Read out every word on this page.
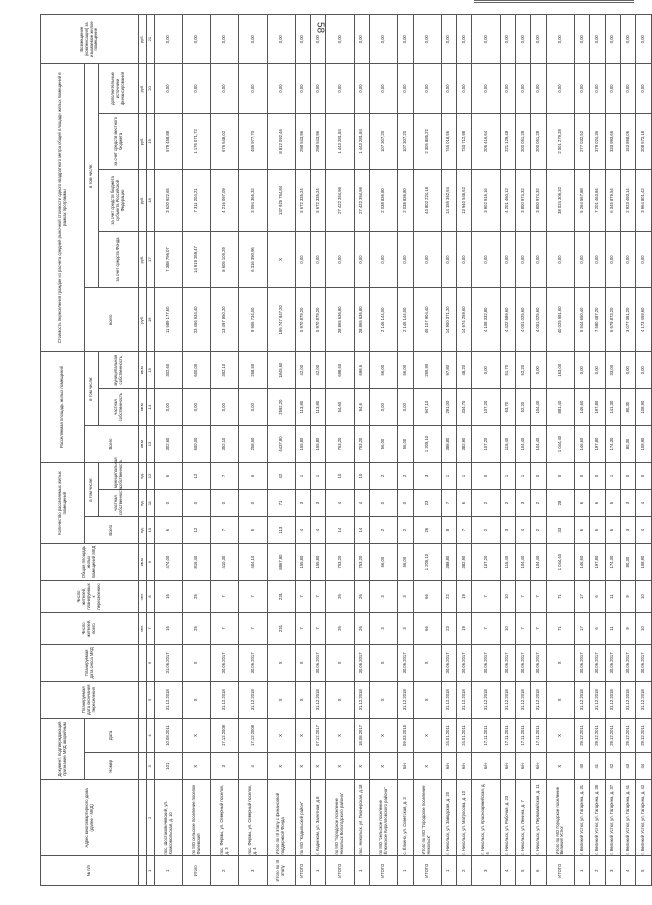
58
№ п/п	Адрес многоквартирного дома (далее - МКД)	Документ, подтверждающий признание МКД аварийным		Планируемая дата окончания переселения	Планируемая дата сноса МКД	Число жителей, всего	Число жителей, планируемых к переселению	Общая площадь жилых помещений МКД	Количество расселяемых жилых помещений			Расселяемая площадь жилых помещений			Стоимость переселения граждан из расчета средней рыночной стоимости одного квадратного метра общей площади жилых помещений в рамках программы					Возмещение (компенсация) за изымаемое жилое помещение
		Номер	Дата						Всего	в том числе:		Всего	в том числе:		всего	в том числе:				
										частная собственность	муниципальная собственность		частная собственность	муниципальная собственность		за счет средств Фонда	за счет средств бюджета субъекта Российской Федерации	за счет средств местного бюджета	дополнительные источники финансирования	
						чел.	чел.	кв.м	ед.	ед.	ед.	кв.м	кв.м	кв.м	руб.	руб.	руб.	руб.	руб.	руб.
1	2	3	4	5	6	7	8	9	10	11	12	13	14	15	16	17	18	19	20	21
1	пос. Шостаковичевский, ул. Комсомольская, д. 10	101	10.08.2011	31.12.2018	31.06.2017	16	16	474,00	6	0	6	302,60	0,00	302,60	11 589 177,60	7 388 796,07	3 620 922,65	579 458,88	0,00	0,00
Итого	по МО сельское поселение поселок Фалевский	X	X	X	X	25	25	816,40	12	0	12	600,00	0,00	600,00	23 456 634,40	14 919 269,47	7 311 204,21	1 176 071,72	0,00	0,00
2	пос. Фермы, ул. Северный поселок, д. 3	3	17.12.2008	31.12.2018	30.06.2017	7	7	410,30	7	0	7	352,10	0,00	352,10	13 497 850,20	8 605 105,29	4 216 097,09	676 648,02	0,00	0,00
3	пос. Фермы, ул. Северный поселок, д. 4	4	17.12.2008	31.12.2018	30.06.2017	7	7	404,10	5	0	5	258,50	0,00	258,50	9 906 734,00	6 316 390,96	3 094 366,32	495 977,70	0,00	0,00
Итого по III этапу	Итого по III этапу с финансовой поддержкой Фонда	X	X	X	X	231	231	8867,80	113	71	42	4437,80	2592,20	1845,60	186 747 847,20	X	137 925 754,84	8 812 092,46	0,00	0,00
ИТОГО	по МО "Кадыльский район"	X	X	X	X	7	7	155,80	4	3	1	155,80	113,80	42,00	5 970 879,20	0,00	5 672 335,24	298 543,96	0,00	0,00
1	г. Кадником, ул. Залетная, д.8	X	07.12.2017	31.12.2018	30.06.2017	7	7	155,80	4	3	1	155,80	113,80	42,00	5 970 879,20	0,00	5 672 335,24	298 543,96	0,00	0,00
ИТОГО	по МО "городское поселение Никольск Вологодского района"	X	X	X	X	26	26	753,20	14	4	10	753,20	54,60	698,60	28 865 636,80	0,00	27 422 354,96	1 443 281,84	0,00	0,00
1	пос. Никольск, ул. Пионерская, д.18	X	18.08.2017	31.12.2018	30.06.2017	26	26	753,20	14	4	10	753,20	54,6	698,6	28 865 636,80	0,00	27 422 354,96	1 443 281,84	0,00	0,00
ИТОГО	по МО "сельское поселение Ёлкинское Кирилловского района"	X	X	X	X	3	3	56,00	2	0	2	56,00	0,00	56,00	2 146 144,00	0,00	2 038 836,80	107 307,20	0,00	0,00
1	с. Ёлкино, ул. Советская, д. 3	6/н	09.03.2015	31.12.2018	30.06.2017	3	3	56,00	2	0	2	56,00	0,00	56,00	2 146 144,00	0,00	2 038 836,80	107 307,20	0,00	0,00
ИТОГО	Итого по МО "Городское поселение Никольск"	X	X	X	X	66	66	1 205,10	26	23	3	1 205,10	947,10	255,90	46 107 904,40	0,00	43 802 224,18	2 305 885,22	0,00	0,00
1	г. Никольск, ул. Заводская, д. 20	6/н	24.01.2011	31.12.2018	30.06.2017	23	22	388,80	8	7	1	388,80	291,00	97,80	14 900 371,20	0,00	14 155 352,64	745 018,56	0,00	0,00
2	г. Никольск, ул. Матросова, д. 10	6/н	24.01.2011	31.12.2018	30.06.2017	19	19	382,90	7	6	1	382,90	334,70	48,20	14 674 259,60	0,00	13 940 546,62	733 712,98	0,00	0,00
3	г. Никольск, ул. Красноармейская, д. 5	6/н	17.11.2011	31.12.2018	30.06.2017	7	7	107,20	2	2	0	107,20	107,20	0,00	4 108 332,80	0,00	3 902 916,16	205 416,64	0,00	0,00
4	г. Никольск, ул. Рабочая, д. 23	6/н	17.11.2011	31.12.2018	30.06.2017	10	10	115,40	3	2	1	115,40	63,70	51,70	4 422 589,60	0,00	4 201 460,12	221 129,48	0,00	0,00
5	г. Никольск, ул. Ленина, д. 7	6/н	17.11.2011	31.12.2018	30.06.2017	7	7	104,40	4	3	1	104,40	52,20	52,20	4 001 025,60	0,00	3 800 974,32	200 051,28	0,00	0,00
6	г. Никольск, ул. Первомайская, д. 11	6/н	17.11.2011	31.12.2018	30.06.2017	7	7	104,40	2	2	0	104,40	104,40	0,00	4 001 025,60	0,00	3 800 974,32	200 051,28	0,00	0,00
ИТОГО	Итого по МО Городское поселение Великий Устюг	X	X	X	X	71	71	1 044,40	33	28	5	1 044,40	881,40	163,00	40 025 581,60	0,00	38 024 306,32	2 001 279,28	0,00	0,00
1	г. Великий Устюг, ул. Гагарина, д. 31	40	29.12.2011	31.12.2018	30.06.2017	17	17	146,60	6	6	0	146,60	146,60	0,00	5 544 650,40	0,00	5 264 567,88	277 032,52	0,00	0,00
2	г. Великий Устюг, ул. Гагарина, д. 35	41	29.12.2011	31.12.2018	30.06.2017	6	6	197,80	6	6	0	197,80	197,80	0,00	7 580 487,20	0,00	7 201 463,84	379 024,36	0,00	0,00
3	г. Великий Устюг, ул. Гагарина, д. 37	42	29.12.2011	31.12.2018	30.06.2017	11	11	174,30	6	5	1	174,30	141,30	33,00	6 679 873,20	0,00	6 345 879,54	333 993,66	0,00	0,00
4	г. Великий Устюг, ул. Гагарина, д. 41	43	29.12.2011	31.12.2018	30.06.2017	9	9	80,30	3	3	0	80,30	80,30	0,00	3 077 361,20	0,00	2 923 493,14	153 868,06	0,00	0,00
5	г. Великий Устюг, ул. Гагарина, д. 42	44	29.12.2011	31.12.2018	30.06.2017	10	10	108,90	4	4	0	108,90	108,90	0,00	4 173 459,60	0,00	3 964 801,42	208 673,18	0,00	0,00
